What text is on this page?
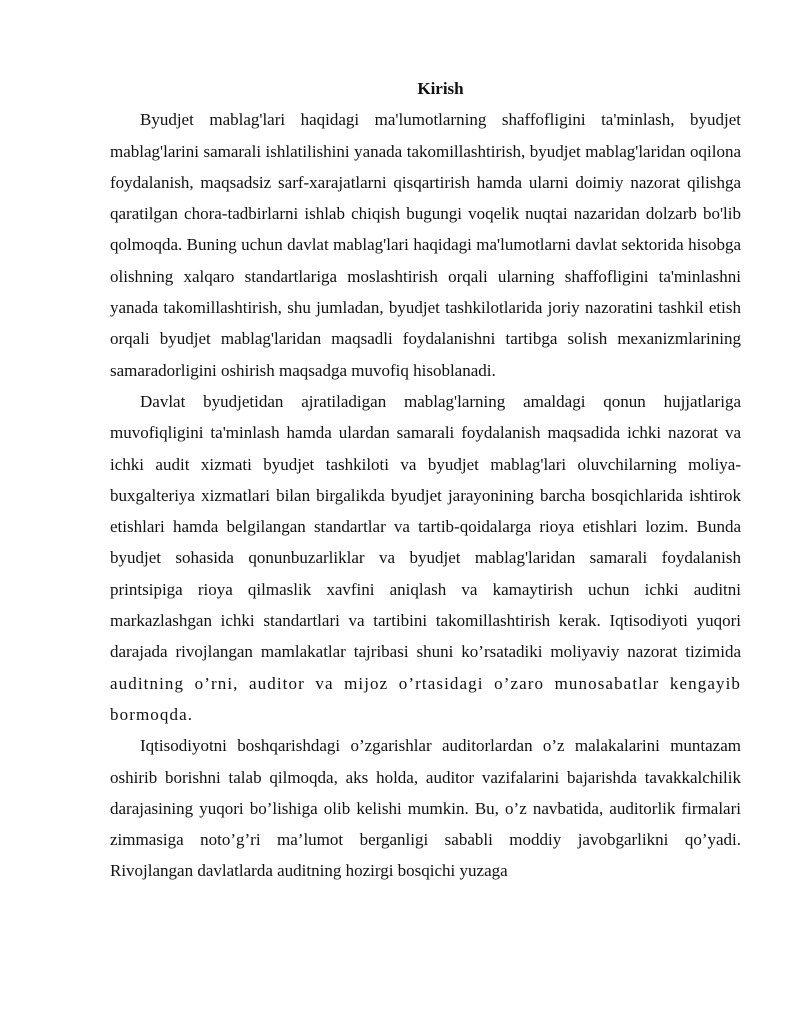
Kirish

Byudjet mablag'lari haqidagi ma'lumotlarning shaffofligini ta'minlash, byudjet mablag'larini samarali ishlatilishini yanada takomillashtirish, byudjet mablag'laridan oqilona foydalanish, maqsadsiz sarf-xarajatlarni qisqartirish hamda ularni doimiy nazorat qilishga qaratilgan chora-tadbirlarni ishlab chiqish bugungi voqelik nuqtai nazaridan dolzarb bo'lib qolmoqda. Buning uchun davlat mablag'lari haqidagi ma'lumotlarni davlat sektorida hisobga olishning xalqaro standartlariga moslashtirish orqali ularning shaffofligini ta'minlashni yanada takomillashtirish, shu jumladan, byudjet tashkilotlarida joriy nazoratini tashkil etish orqali byudjet mablag'laridan maqsadli foydalanishni tartibga solish mexanizmlarining samaradorligini oshirish maqsadga muvofiq hisoblanadi.

Davlat byudjetidan ajratiladigan mablag'larning amaldagi qonun hujjatlariga muvofiqligini ta'minlash hamda ulardan samarali foydalanish maqsadida ichki nazorat va ichki audit xizmati byudjet tashkiloti va byudjet mablag'lari oluvchilarning moliya-buxgalteriya xizmatlari bilan birgalikda byudjet jarayonining barcha bosqichlarida ishtirok etishlari hamda belgilangan standartlar va tartib-qoidalarga rioya etishlari lozim. Bunda byudjet sohasida qonunbuzarliklar va byudjet mablag'laridan samarali foydalanish printsipiga rioya qilmaslik xavfini aniqlash va kamaytirish uchun ichki auditni markazlashgan ichki standartlari va tartibini takomillashtirish kerak. Iqtisodiyoti yuqori darajada rivojlangan mamlakatlar tajribasi shuni ko’rsatadiki moliyaviy nazorat tizimida auditning o’rni, auditor va mijoz o’rtasidagi o’zaro munosabatlar kengayib bormoqda.

Iqtisodiyotni boshqarishdagi o’zgarishlar auditorlardan o’z malakalarini muntazam oshirib borishni talab qilmoqda, aks holda, auditor vazifalarini bajarishda tavakkalchilik darajasining yuqori bo’lishiga olib kelishi mumkin. Bu, o’z navbatida, auditorlik firmalari zimmasiga noto’g’ri ma’lumot berganligi sababli moddiy javobgarlikni qo’yadi. Rivojlangan davlatlarda auditning hozirgi bosqichi yuzaga
